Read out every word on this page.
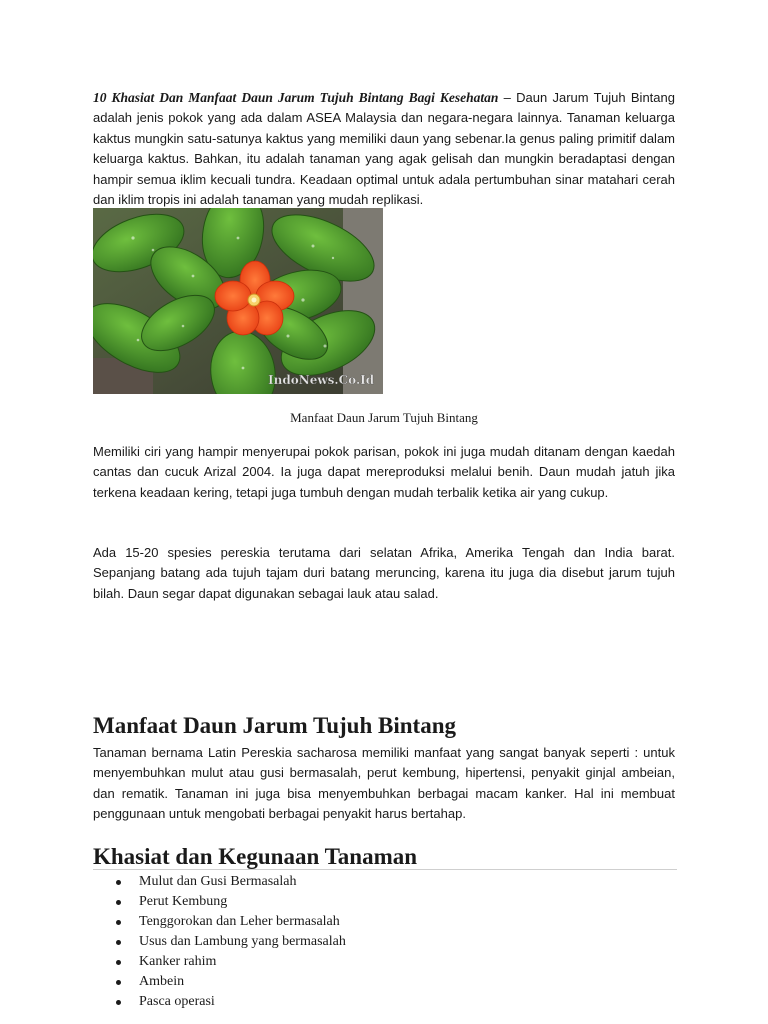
10 Khasiat Dan Manfaat Daun Jarum Tujuh Bintang Bagi Kesehatan – Daun Jarum Tujuh Bintang adalah jenis pokok yang ada dalam ASEA Malaysia dan negara-negara lainnya. Tanaman keluarga kaktus mungkin satu-satunya kaktus yang memiliki daun yang sebenar.Ia genus paling primitif dalam keluarga kaktus. Bahkan, itu adalah tanaman yang agak gelisah dan mungkin beradaptasi dengan hampir semua iklim kecuali tundra. Keadaan optimal untuk adala pertumbuhan sinar matahari cerah dan iklim tropis ini adalah tanaman yang mudah replikasi.

IndoNews.Co.Id
Manfaat Daun Jarum Tujuh Bintang

Memiliki ciri yang hampir menyerupai pokok parisan, pokok ini juga mudah ditanam dengan kaedah cantas dan cucuk Arizal 2004. Ia juga dapat mereproduksi melalui benih. Daun mudah jatuh jika terkena keadaan kering, tetapi juga tumbuh dengan mudah terbalik ketika air yang cukup.

Ada 15-20 spesies pereskia terutama dari selatan Afrika, Amerika Tengah dan India barat. Sepanjang batang ada tujuh tajam duri batang meruncing, karena itu juga dia disebut jarum tujuh bilah. Daun segar dapat digunakan sebagai lauk atau salad.

Manfaat Daun Jarum Tujuh Bintang

Tanaman bernama Latin Pereskia sacharosa memiliki manfaat yang sangat banyak seperti : untuk menyembuhkan mulut atau gusi bermasalah, perut kembung, hipertensi, penyakit ginjal ambeian, dan rematik. Tanaman ini juga bisa menyembuhkan berbagai macam kanker. Hal ini membuat penggunaan untuk mengobati berbagai penyakit harus bertahap.

Khasiat dan Kegunaan Tanaman
Mulut dan Gusi Bermasalah
Perut Kembung
Tenggorokan dan Leher bermasalah
Usus dan Lambung yang bermasalah
Kanker rahim
Ambein
Pasca operasi
